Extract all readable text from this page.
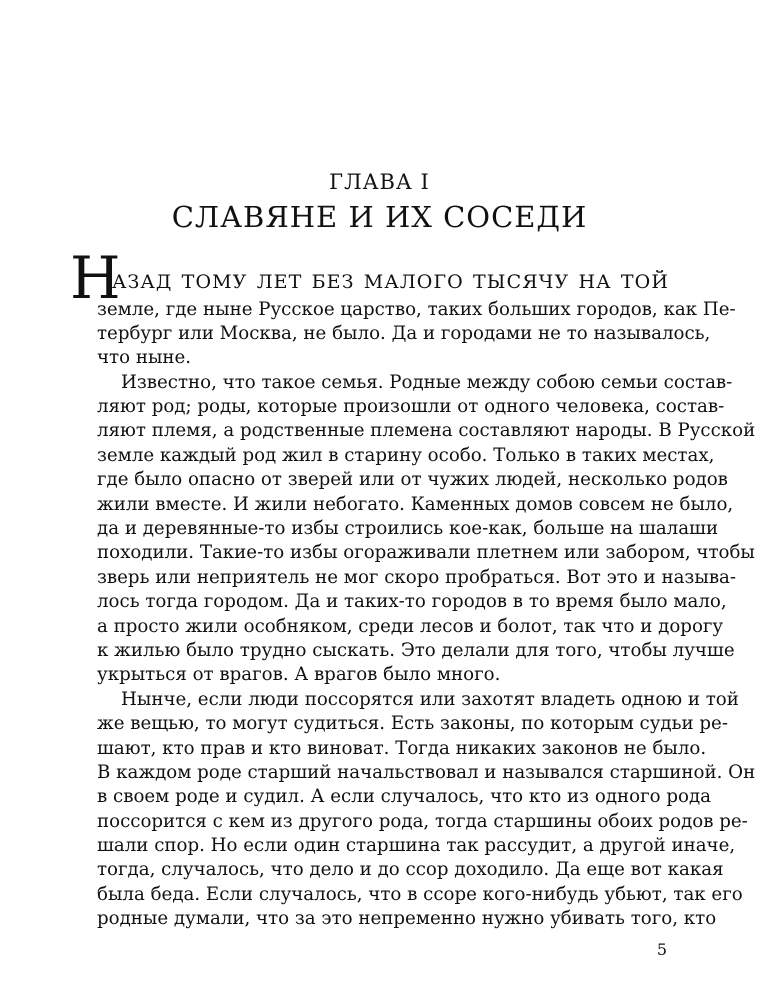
ГЛАВА I
СЛАВЯНЕ И ИХ СОСЕДИ
Н
АЗАД ТОМУ ЛЕТ БЕЗ МАЛОГО ТЫСЯЧУ НА ТОЙ
земле, где ныне Русское царство, таких больших городов, как Пе-
тербург или Москва, не было. Да и городами не то называлось,
что ныне.
Известно, что такое семья. Родные между собою семьи состав-
ляют род; роды, которые произошли от одного человека, состав-
ляют племя, а родственные племена составляют народы. В Русской
земле каждый род жил в старину особо. Только в таких местах,
где было опасно от зверей или от чужих людей, несколько родов
жили вместе. И жили небогато. Каменных домов совсем не было,
да и деревянные-то избы строились кое-как, больше на шалаши
походили. Такие-то избы огораживали плетнем или забором, чтобы
зверь или неприятель не мог скоро пробраться. Вот это и называ-
лось тогда городом. Да и таких-то городов в то время было мало,
а просто жили особняком, среди лесов и болот, так что и дорогу
к жилью было трудно сыскать. Это делали для того, чтобы лучше
укрыться от врагов. А врагов было много.
Нынче, если люди поссорятся или захотят владеть одною и той
же вещью, то могут судиться. Есть законы, по которым судьи ре-
шают, кто прав и кто виноват. Тогда никаких законов не было.
В каждом роде старший начальствовал и назывался старшиной. Он
в своем роде и судил. А если случалось, что кто из одного рода
поссорится с кем из другого рода, тогда старшины обоих родов ре-
шали спор. Но если один старшина так рассудит, а другой иначе,
тогда, случалось, что дело и до ссор доходило. Да еще вот какая
была беда. Если случалось, что в ссоре кого-нибудь убьют, так его
родные думали, что за это непременно нужно убивать того, кто
5
